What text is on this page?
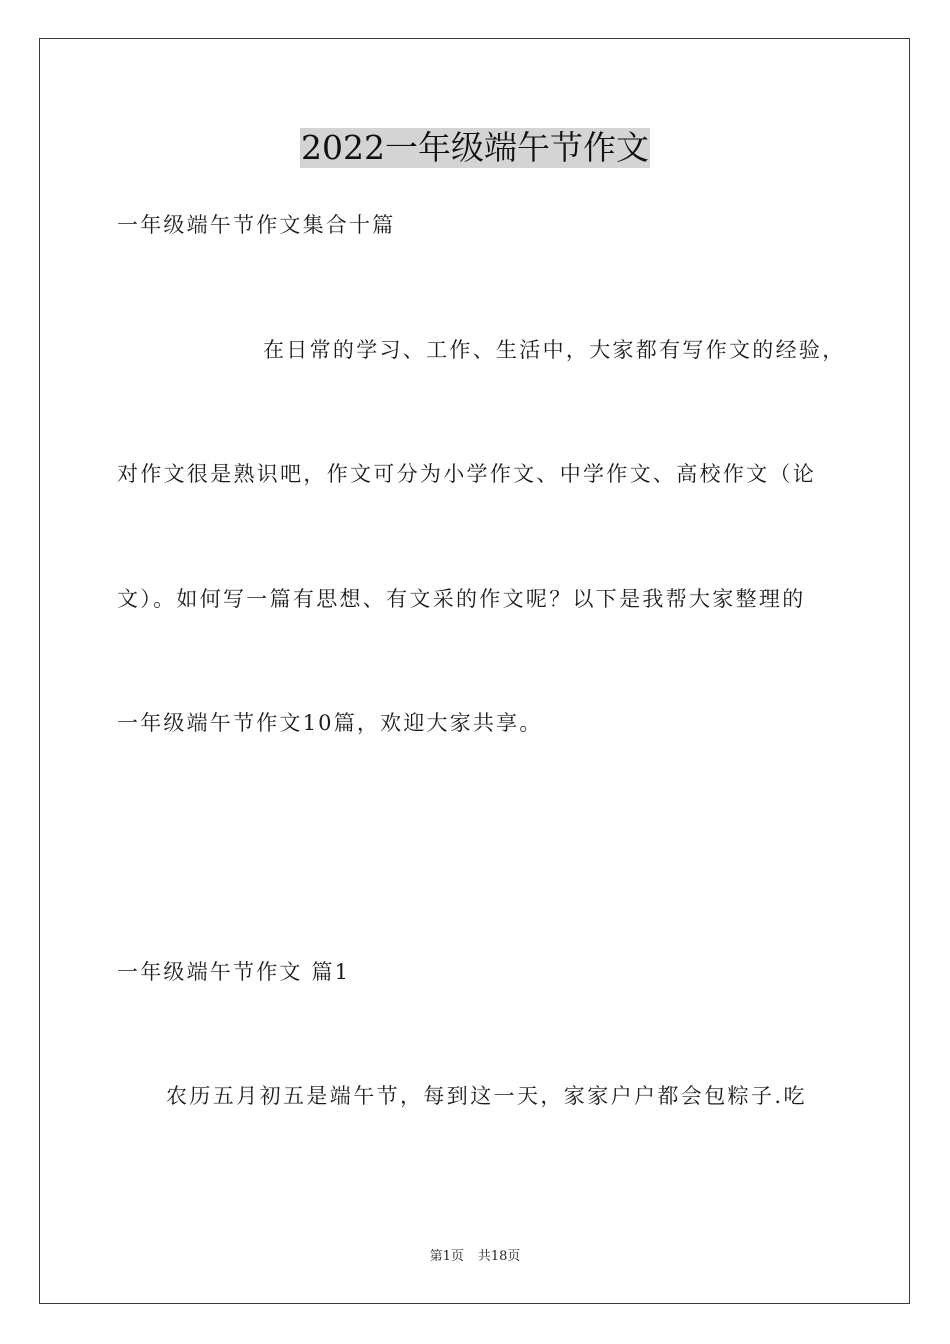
2022一年级端午节作文
一年级端午节作文集合十篇
在日常的学习、工作、生活中，大家都有写作文的经验，
对作文很是熟识吧，作文可分为小学作文、中学作文、高校作文（论
文）。如何写一篇有思想、有文采的作文呢？以下是我帮大家整理的
一年级端午节作文10篇，欢迎大家共享。
一年级端午节作文 篇1
农历五月初五是端午节，每到这一天，家家户户都会包粽子.吃
第1页 共18页
